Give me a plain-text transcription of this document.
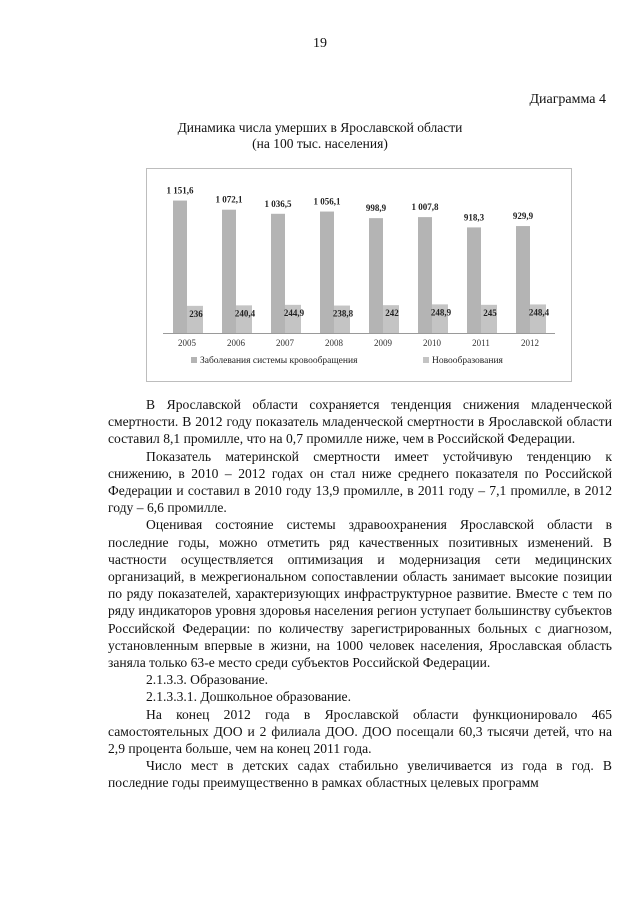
19
Диаграмма 4
Динамика числа умерших в Ярославской области
(на 100 тыс. населения)
1 151,6
236
2005
1 072,1
240,4
2006
1 036,5
244,9
2007
1 056,1
238,8
2008
998,9
242
2009
1 007,8
248,9
2010
918,3
245
2011
929,9
248,4
2012
Заболевания системы кровообращения	Новообразования

В Ярославской области сохраняется тенденция снижения младенческой смертности. В 2012 году показатель младенческой смертности в Ярославской области составил 8,1 промилле, что на 0,7 промилле ниже, чем в Российской Федерации.

Показатель материнской смертности имеет устойчивую тенденцию к снижению, в 2010 – 2012 годах он стал ниже среднего показателя по Российской Федерации и составил в 2010 году 13,9 промилле, в 2011 году – 7,1 промилле, в 2012 году – 6,6 промилле.

Оценивая состояние системы здравоохранения Ярославской области в последние годы, можно отметить ряд качественных позитивных изменений. В частности осуществляется оптимизация и модернизация сети медицинских организаций, в межрегиональном сопоставлении область занимает высокие позиции по ряду показателей, характеризующих инфраструктурное развитие. Вместе с тем по ряду индикаторов уровня здоровья населения регион уступает большинству субъектов Российской Федерации: по количеству зарегистрированных больных с диагнозом, установленным впервые в жизни, на 1000 человек населения, Ярославская область заняла только 63-е место среди субъектов Российской Федерации.

2.1.3.3. Образование.

2.1.3.3.1. Дошкольное образование.

На конец 2012 года в Ярославской области функционировало 465 самостоятельных ДОО и 2 филиала ДОО. ДОО посещали 60,3 тысячи детей, что на 2,9 процента больше, чем на конец 2011 года.

Число мест в детских садах стабильно увеличивается из года в год. В последние годы преимущественно в рамках областных целевых программ
